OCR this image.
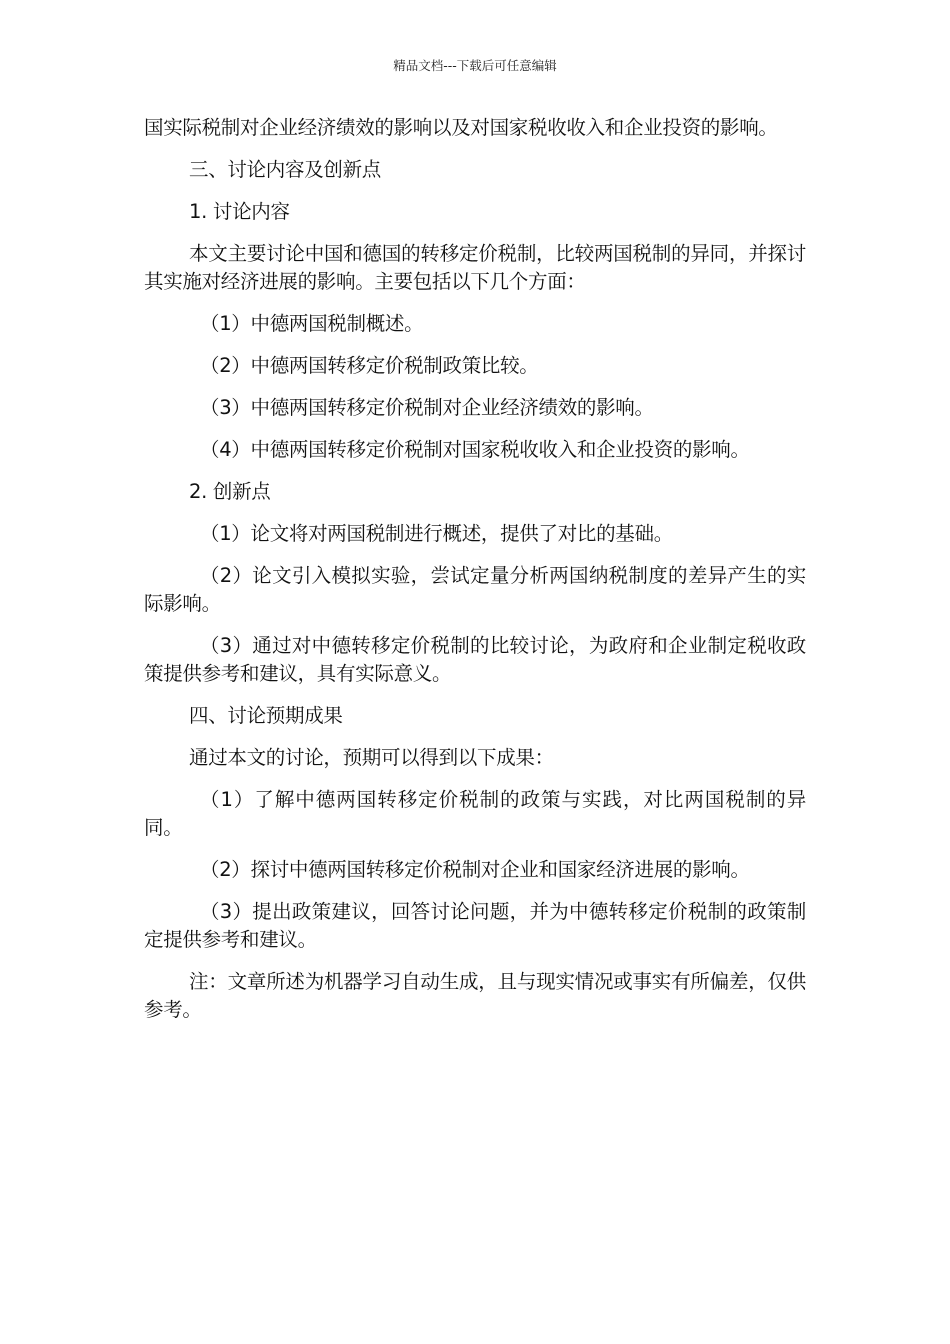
精品文档---下载后可任意编辑

国实际税制对企业经济绩效的影响以及对国家税收收入和企业投资的影响。

三、讨论内容及创新点

1. 讨论内容

本文主要讨论中国和德国的转移定价税制，比较两国税制的异同，并探讨其实施对经济进展的影响。主要包括以下几个方面：

（1）中德两国税制概述。

（2）中德两国转移定价税制政策比较。

（3）中德两国转移定价税制对企业经济绩效的影响。

（4）中德两国转移定价税制对国家税收收入和企业投资的影响。

2. 创新点

（1）论文将对两国税制进行概述，提供了对比的基础。

（2）论文引入模拟实验，尝试定量分析两国纳税制度的差异产生的实际影响。

（3）通过对中德转移定价税制的比较讨论，为政府和企业制定税收政策提供参考和建议，具有实际意义。

四、讨论预期成果

通过本文的讨论，预期可以得到以下成果：

（1）了解中德两国转移定价税制的政策与实践，对比两国税制的异同。

（2）探讨中德两国转移定价税制对企业和国家经济进展的影响。

（3）提出政策建议，回答讨论问题，并为中德转移定价税制的政策制定提供参考和建议。

注：文章所述为机器学习自动生成，且与现实情况或事实有所偏差，仅供参考。
